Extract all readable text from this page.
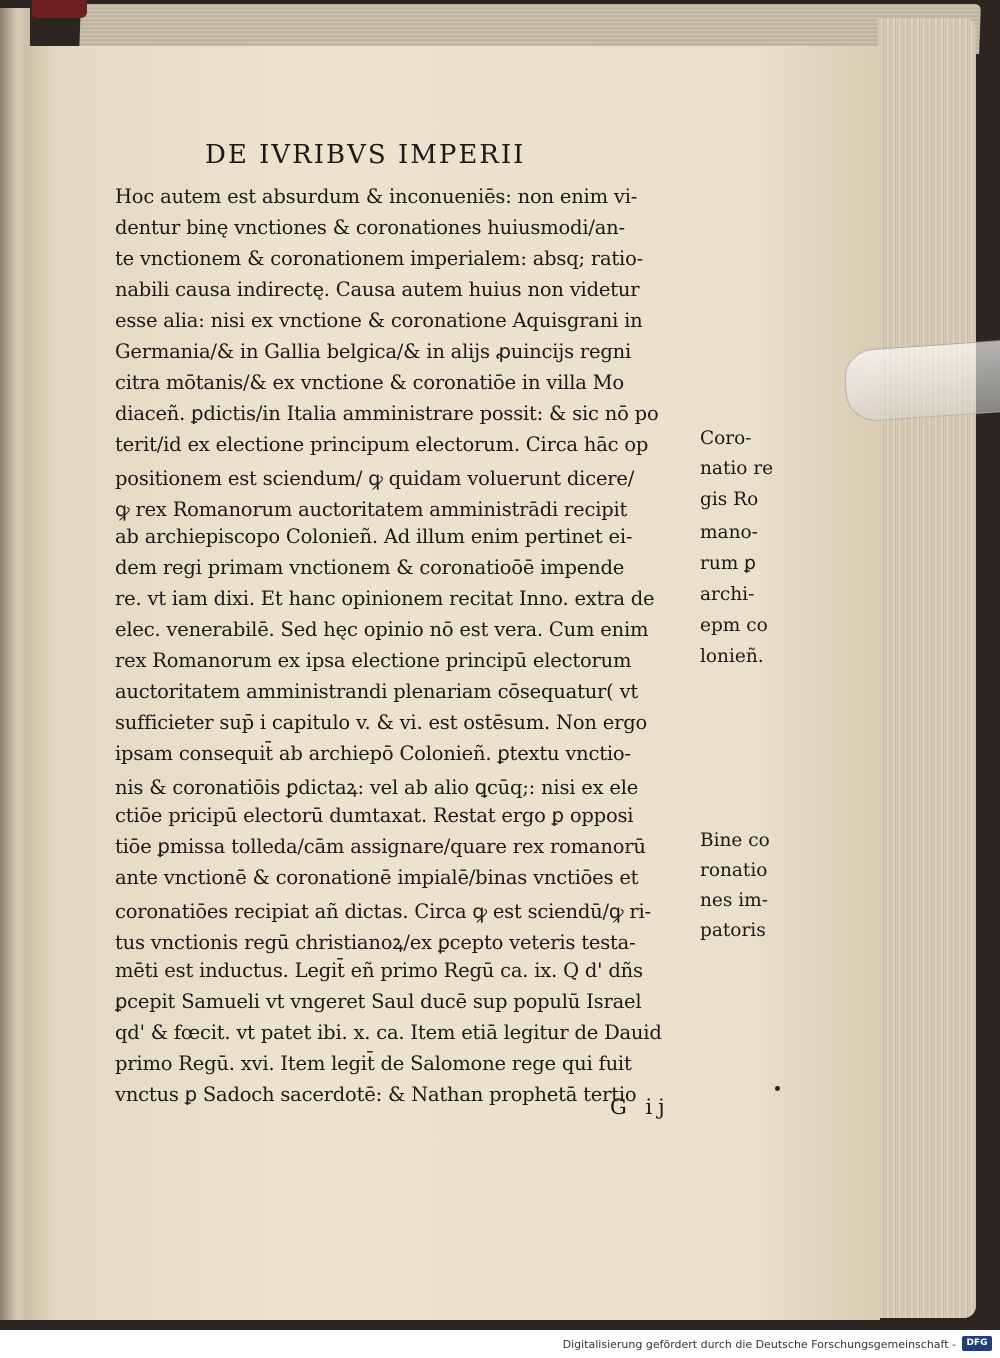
DE IVRIBVS IMPERII
Hoc autem est absurdum & inconueniēs: non enim vi-
dentur binę vnctiones & coronationes huiusmodi/an-
te vnctionem & coronationem imperialem: absq; ratio-
nabili causa indirectę. Causa autem huius non videtur
esse alia: nisi ex vnctione & coronatione Aquisgrani in
Germania/& in Gallia belgica/& in alijs ꝓuincijs regni
citra mōtanis/& ex vnctione & coronatiōe in villa Mo
diaceñ. ꝑdictis/in Italia amministrare possit: & sic nō po
terit/id ex electione principum electorum. Circa hāc op
positionem est sciendum/ ꝙ quidam voluerunt dicere/
ꝙ rex Romanorum auctoritatem amministrādi recipit
ab archiepiscopo Colonieñ. Ad illum enim pertinet ei-
dem regi primam vnctionem & coronatioōē impende
re. vt iam dixi. Et hanc opinionem recitat Inno. extra de
elec. venerabilē. Sed hęc opinio nō est vera. Cum enim
rex Romanorum ex ipsa electione principū electorum
auctoritatem amministrandi plenariam cōsequatur( vt
sufficieter sup̄ i capitulo v. & vi. est ostēsum. Non ergo
ipsam consequit̄ ab archiepō Colonieñ. ꝑtextu vnctio-
nis & coronatiōis ꝑdictaꝝ: vel ab alio ꝗcūq;: nisi ex ele
ctiōe pricipū electorū dumtaxat. Restat ergo ꝑ opposi
tiōe ꝑmissa tolleda/cām assignare/quare rex romanorū
ante vnctionē & coronationē impialē/binas vnctiōes et
coronatiōes recipiat añ dictas. Circa ꝙ est sciendū/ꝙ ri-
tus vnctionis regū christianoꝝ/ex ꝑcepto veteris testa-
mēti est inductus. Legit̄ eñ primo Regū ca. ix. Q d' dñs
ꝑcepit Samueli vt vngeret Saul ducē sup populū Israel
qd' & fœcit. vt patet ibi. x. ca. Item etiā legitur de Dauid
primo Regū. xvi. Item legit̄ de Salomone rege qui fuit
vnctus ꝑ Sadoch sacerdotē: & Nathan prophetā tertio
Coro-
natio re
gis Ro
mano-
rum ꝑ
archi-
epm co
lonieñ.
Bine co
ronatio
nes im-
patoris
G ij
Digitalisierung gefördert durch die Deutsche Forschungsgemeinschaft -	DFG
